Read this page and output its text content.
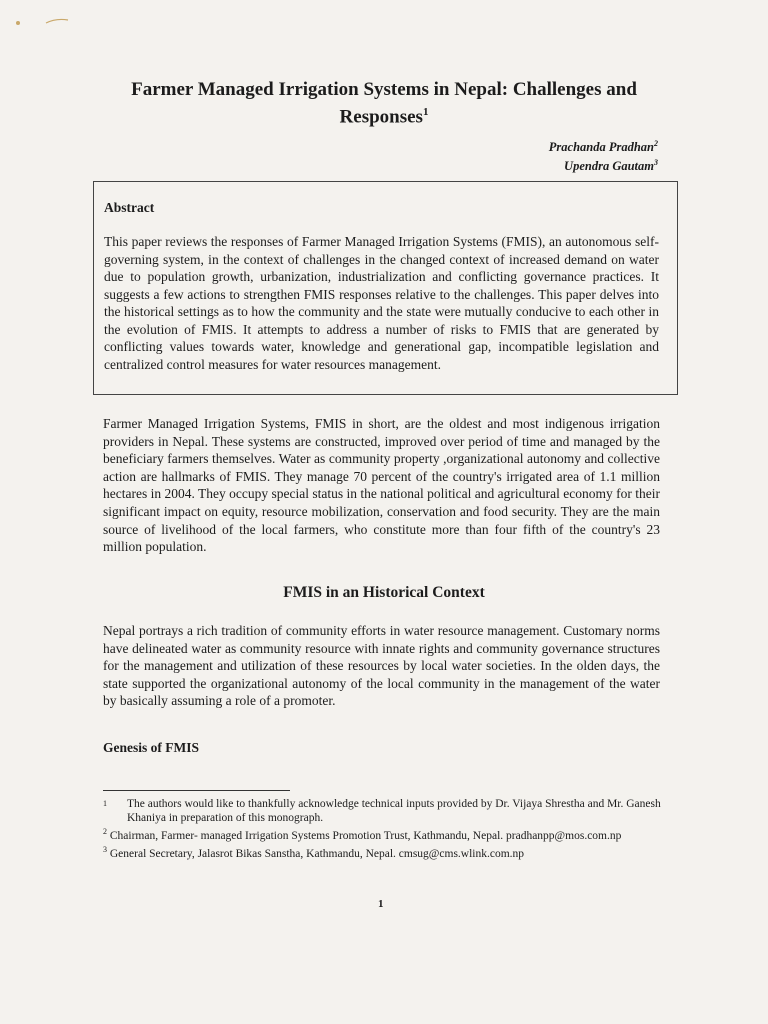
Farmer Managed Irrigation Systems in Nepal: Challenges and Responses$^1$
Prachanda Pradhan$^2$
Upendra Gautam$^3$
Abstract
This paper reviews the responses of Farmer Managed Irrigation Systems (FMIS), an autonomous self-governing system, in the context of challenges in the changed context of increased demand on water due to population growth, urbanization, industrialization and conflicting governance practices. It suggests a few actions to strengthen FMIS responses relative to the challenges. This paper delves into the historical settings as to how the community and the state were mutually conducive to each other in the evolution of FMIS. It attempts to address a number of risks to FMIS that are generated by conflicting values towards water, knowledge and generational gap, incompatible legislation and centralized control measures for water resources management.
Farmer Managed Irrigation Systems, FMIS in short, are the oldest and most indigenous irrigation providers in Nepal. These systems are constructed, improved over period of time and managed by the beneficiary farmers themselves. Water as community property ,organizational autonomy and collective action are hallmarks of FMIS. They manage 70 percent of the country's irrigated area of 1.1 million hectares in 2004. They occupy special status in the national political and agricultural economy for their significant impact on equity, resource mobilization, conservation and food security. They are the main source of livelihood of the local farmers, who constitute more than four fifth of the country's 23 million population.
FMIS in an Historical Context
Nepal portrays a rich tradition of community efforts in water resource management. Customary norms have delineated water as community resource with innate rights and community governance structures for the management and utilization of these resources by local water societies. In the olden days, the state supported the organizational autonomy of the local community in the management of the water by basically assuming a role of a promoter.
Genesis of FMIS
1	The authors would like to thankfully acknowledge technical inputs provided by Dr. Vijaya Shrestha and Mr. Ganesh Khaniya in preparation of this monograph.
$^2$ Chairman, Farmer- managed Irrigation Systems Promotion Trust, Kathmandu, Nepal. pradhanpp@mos.com.np
$^3$ General Secretary, Jalasrot Bikas Sanstha, Kathmandu, Nepal. cmsug@cms.wlink.com.np
1
